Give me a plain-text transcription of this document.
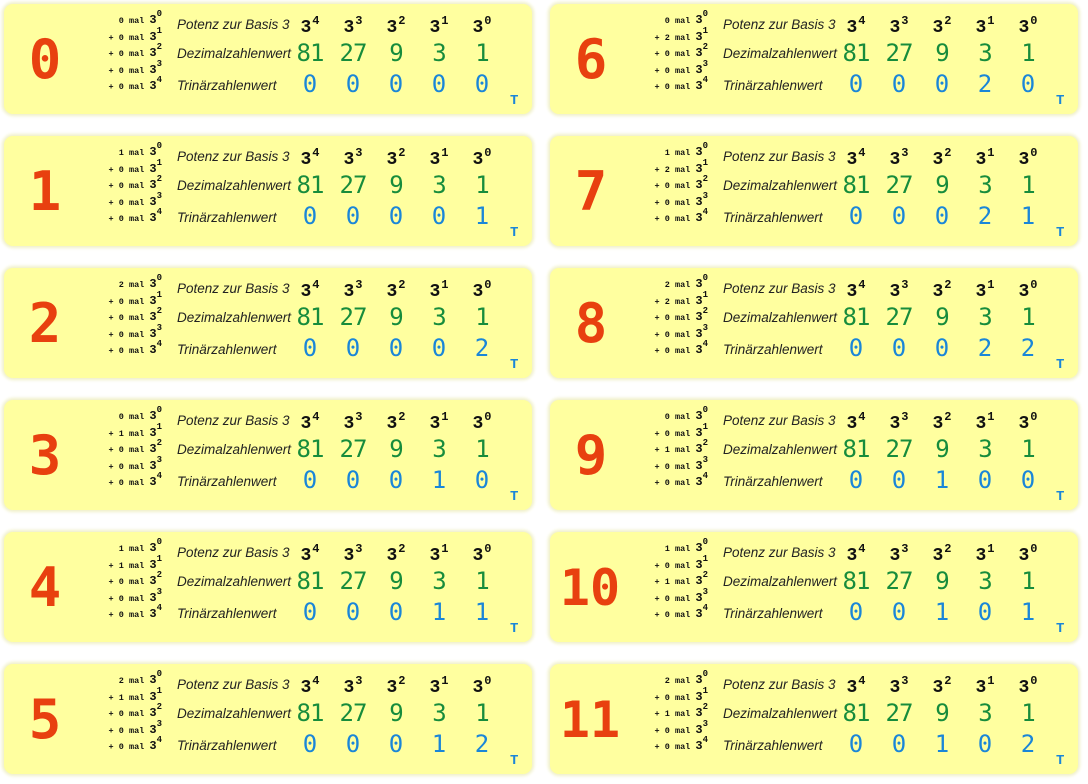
0
0 mal $3^0$
+ 0 mal $3^1$
+ 0 mal $3^2$
+ 0 mal $3^3$
+ 0 mal $3^4$
Potenz zur Basis 3
Dezimalzahlenwert
Trinärzahlenwert
$3^4$
81
0
$3^3$
27
0
$3^2$
9
0
$3^1$
3
0
$3^0$
1
0
T
6
0 mal $3^0$
+ 2 mal $3^1$
+ 0 mal $3^2$
+ 0 mal $3^3$
+ 0 mal $3^4$
Potenz zur Basis 3
Dezimalzahlenwert
Trinärzahlenwert
$3^4$
81
0
$3^3$
27
0
$3^2$
9
0
$3^1$
3
2
$3^0$
1
0
T
1
1 mal $3^0$
+ 0 mal $3^1$
+ 0 mal $3^2$
+ 0 mal $3^3$
+ 0 mal $3^4$
Potenz zur Basis 3
Dezimalzahlenwert
Trinärzahlenwert
$3^4$
81
0
$3^3$
27
0
$3^2$
9
0
$3^1$
3
0
$3^0$
1
1
T
7
1 mal $3^0$
+ 2 mal $3^1$
+ 0 mal $3^2$
+ 0 mal $3^3$
+ 0 mal $3^4$
Potenz zur Basis 3
Dezimalzahlenwert
Trinärzahlenwert
$3^4$
81
0
$3^3$
27
0
$3^2$
9
0
$3^1$
3
2
$3^0$
1
1
T
2
2 mal $3^0$
+ 0 mal $3^1$
+ 0 mal $3^2$
+ 0 mal $3^3$
+ 0 mal $3^4$
Potenz zur Basis 3
Dezimalzahlenwert
Trinärzahlenwert
$3^4$
81
0
$3^3$
27
0
$3^2$
9
0
$3^1$
3
0
$3^0$
1
2
T
8
2 mal $3^0$
+ 2 mal $3^1$
+ 0 mal $3^2$
+ 0 mal $3^3$
+ 0 mal $3^4$
Potenz zur Basis 3
Dezimalzahlenwert
Trinärzahlenwert
$3^4$
81
0
$3^3$
27
0
$3^2$
9
0
$3^1$
3
2
$3^0$
1
2
T
3
0 mal $3^0$
+ 1 mal $3^1$
+ 0 mal $3^2$
+ 0 mal $3^3$
+ 0 mal $3^4$
Potenz zur Basis 3
Dezimalzahlenwert
Trinärzahlenwert
$3^4$
81
0
$3^3$
27
0
$3^2$
9
0
$3^1$
3
1
$3^0$
1
0
T
9
0 mal $3^0$
+ 0 mal $3^1$
+ 1 mal $3^2$
+ 0 mal $3^3$
+ 0 mal $3^4$
Potenz zur Basis 3
Dezimalzahlenwert
Trinärzahlenwert
$3^4$
81
0
$3^3$
27
0
$3^2$
9
1
$3^1$
3
0
$3^0$
1
0
T
4
1 mal $3^0$
+ 1 mal $3^1$
+ 0 mal $3^2$
+ 0 mal $3^3$
+ 0 mal $3^4$
Potenz zur Basis 3
Dezimalzahlenwert
Trinärzahlenwert
$3^4$
81
0
$3^3$
27
0
$3^2$
9
0
$3^1$
3
1
$3^0$
1
1
T
10
1 mal $3^0$
+ 0 mal $3^1$
+ 1 mal $3^2$
+ 0 mal $3^3$
+ 0 mal $3^4$
Potenz zur Basis 3
Dezimalzahlenwert
Trinärzahlenwert
$3^4$
81
0
$3^3$
27
0
$3^2$
9
1
$3^1$
3
0
$3^0$
1
1
T
5
2 mal $3^0$
+ 1 mal $3^1$
+ 0 mal $3^2$
+ 0 mal $3^3$
+ 0 mal $3^4$
Potenz zur Basis 3
Dezimalzahlenwert
Trinärzahlenwert
$3^4$
81
0
$3^3$
27
0
$3^2$
9
0
$3^1$
3
1
$3^0$
1
2
T
11
2 mal $3^0$
+ 0 mal $3^1$
+ 1 mal $3^2$
+ 0 mal $3^3$
+ 0 mal $3^4$
Potenz zur Basis 3
Dezimalzahlenwert
Trinärzahlenwert
$3^4$
81
0
$3^3$
27
0
$3^2$
9
1
$3^1$
3
0
$3^0$
1
2
T
